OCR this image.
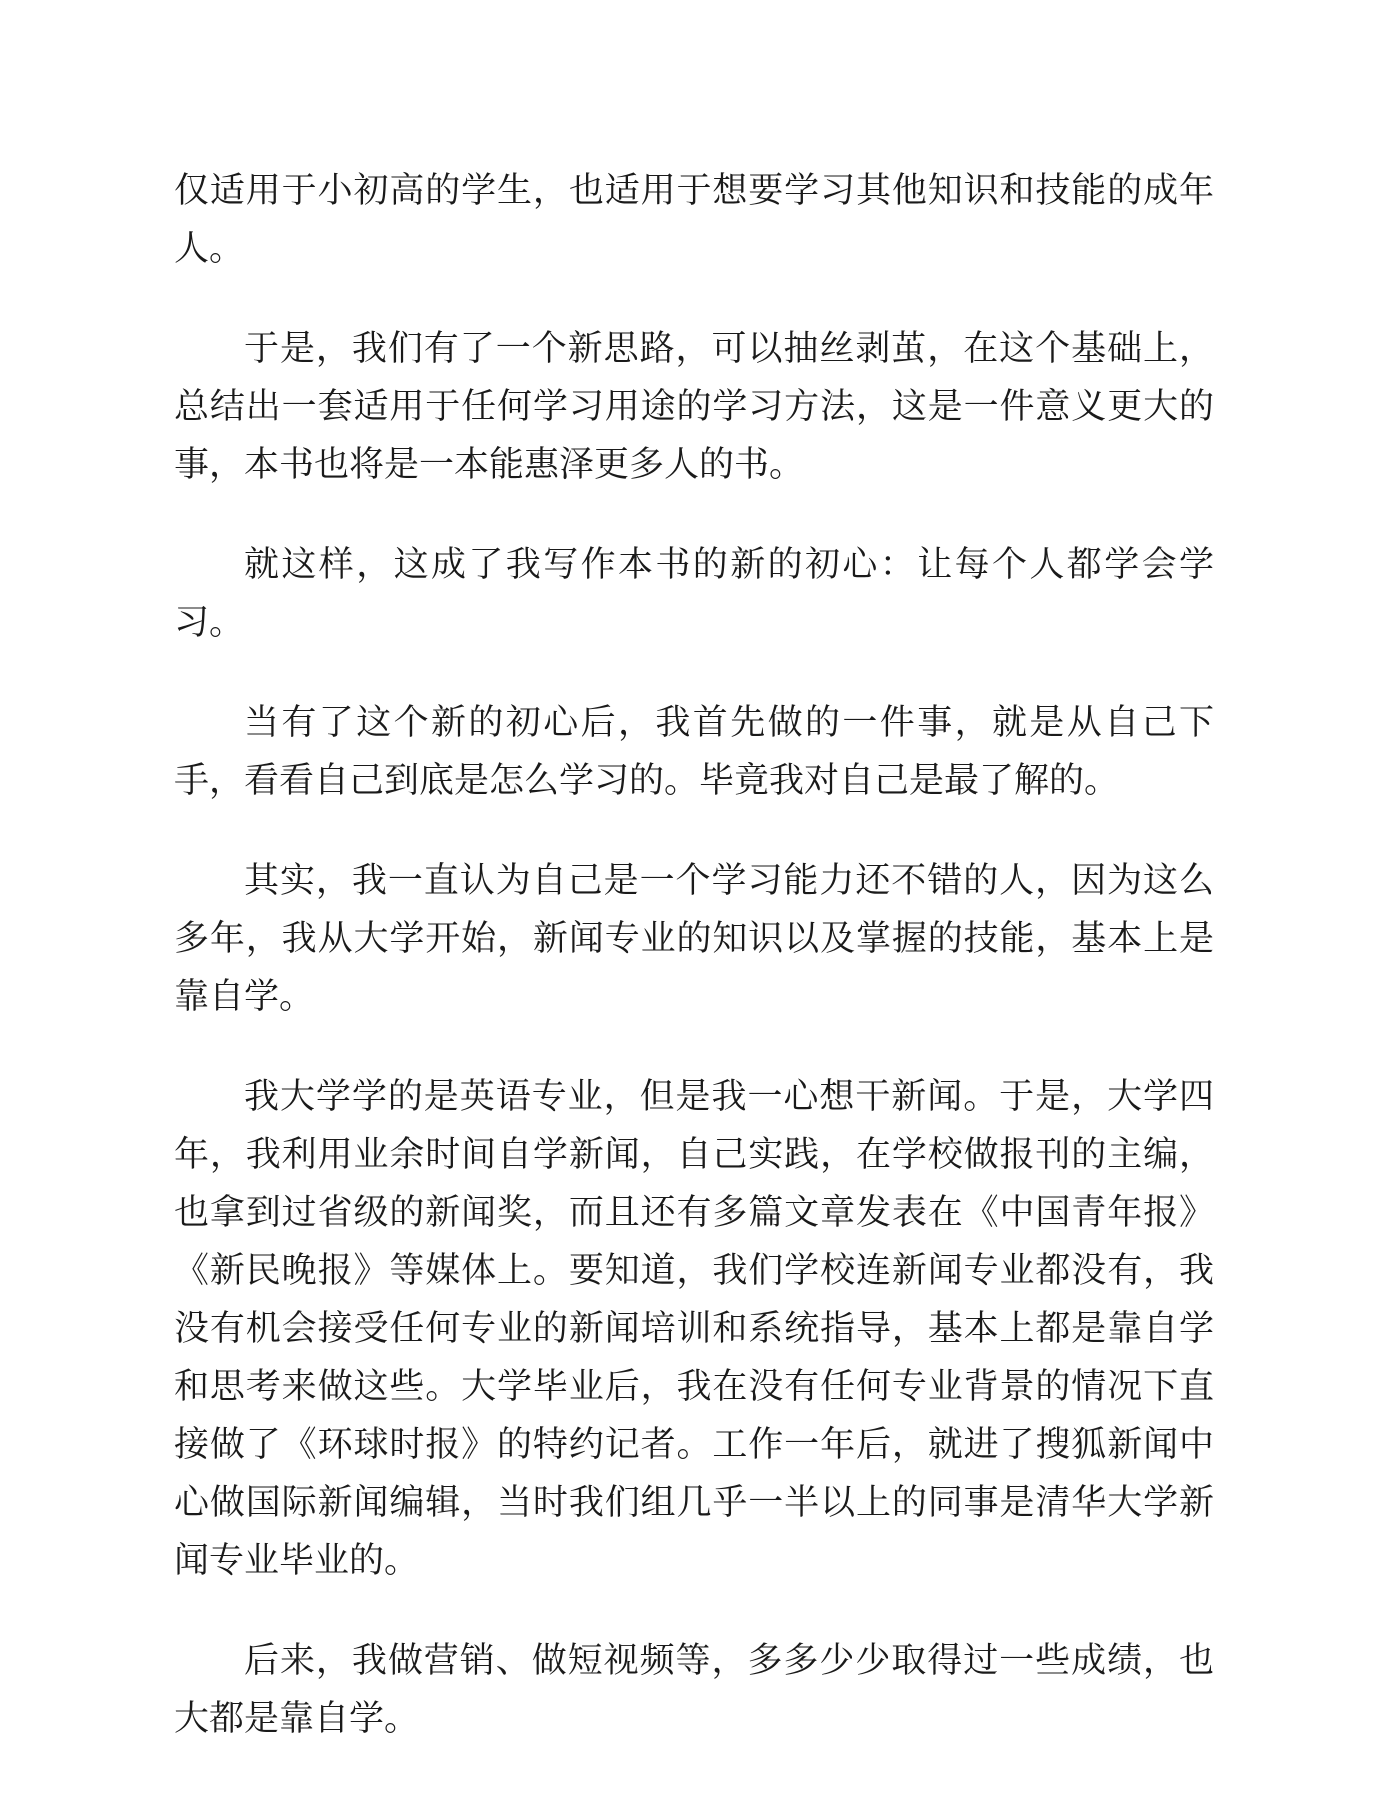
仅适用于小初高的学生，也适用于想要学习其他知识和技能的成年人。

于是，我们有了一个新思路，可以抽丝剥茧，在这个基础上，总结出一套适用于任何学习用途的学习方法，这是一件意义更大的事，本书也将是一本能惠泽更多人的书。

就这样，这成了我写作本书的新的初心：让每个人都学会学习。

当有了这个新的初心后，我首先做的一件事，就是从自己下手，看看自己到底是怎么学习的。毕竟我对自己是最了解的。

其实，我一直认为自己是一个学习能力还不错的人，因为这么多年，我从大学开始，新闻专业的知识以及掌握的技能，基本上是靠自学。

我大学学的是英语专业，但是我一心想干新闻。于是，大学四年，我利用业余时间自学新闻，自己实践，在学校做报刊的主编，也拿到过省级的新闻奖，而且还有多篇文章发表在《中国青年报》《新民晚报》等媒体上。要知道，我们学校连新闻专业都没有，我没有机会接受任何专业的新闻培训和系统指导，基本上都是靠自学和思考来做这些。大学毕业后，我在没有任何专业背景的情况下直接做了《环球时报》的特约记者。工作一年后，就进了搜狐新闻中心做国际新闻编辑，当时我们组几乎一半以上的同事是清华大学新闻专业毕业的。

后来，我做营销、做短视频等，多多少少取得过一些成绩，也大都是靠自学。
